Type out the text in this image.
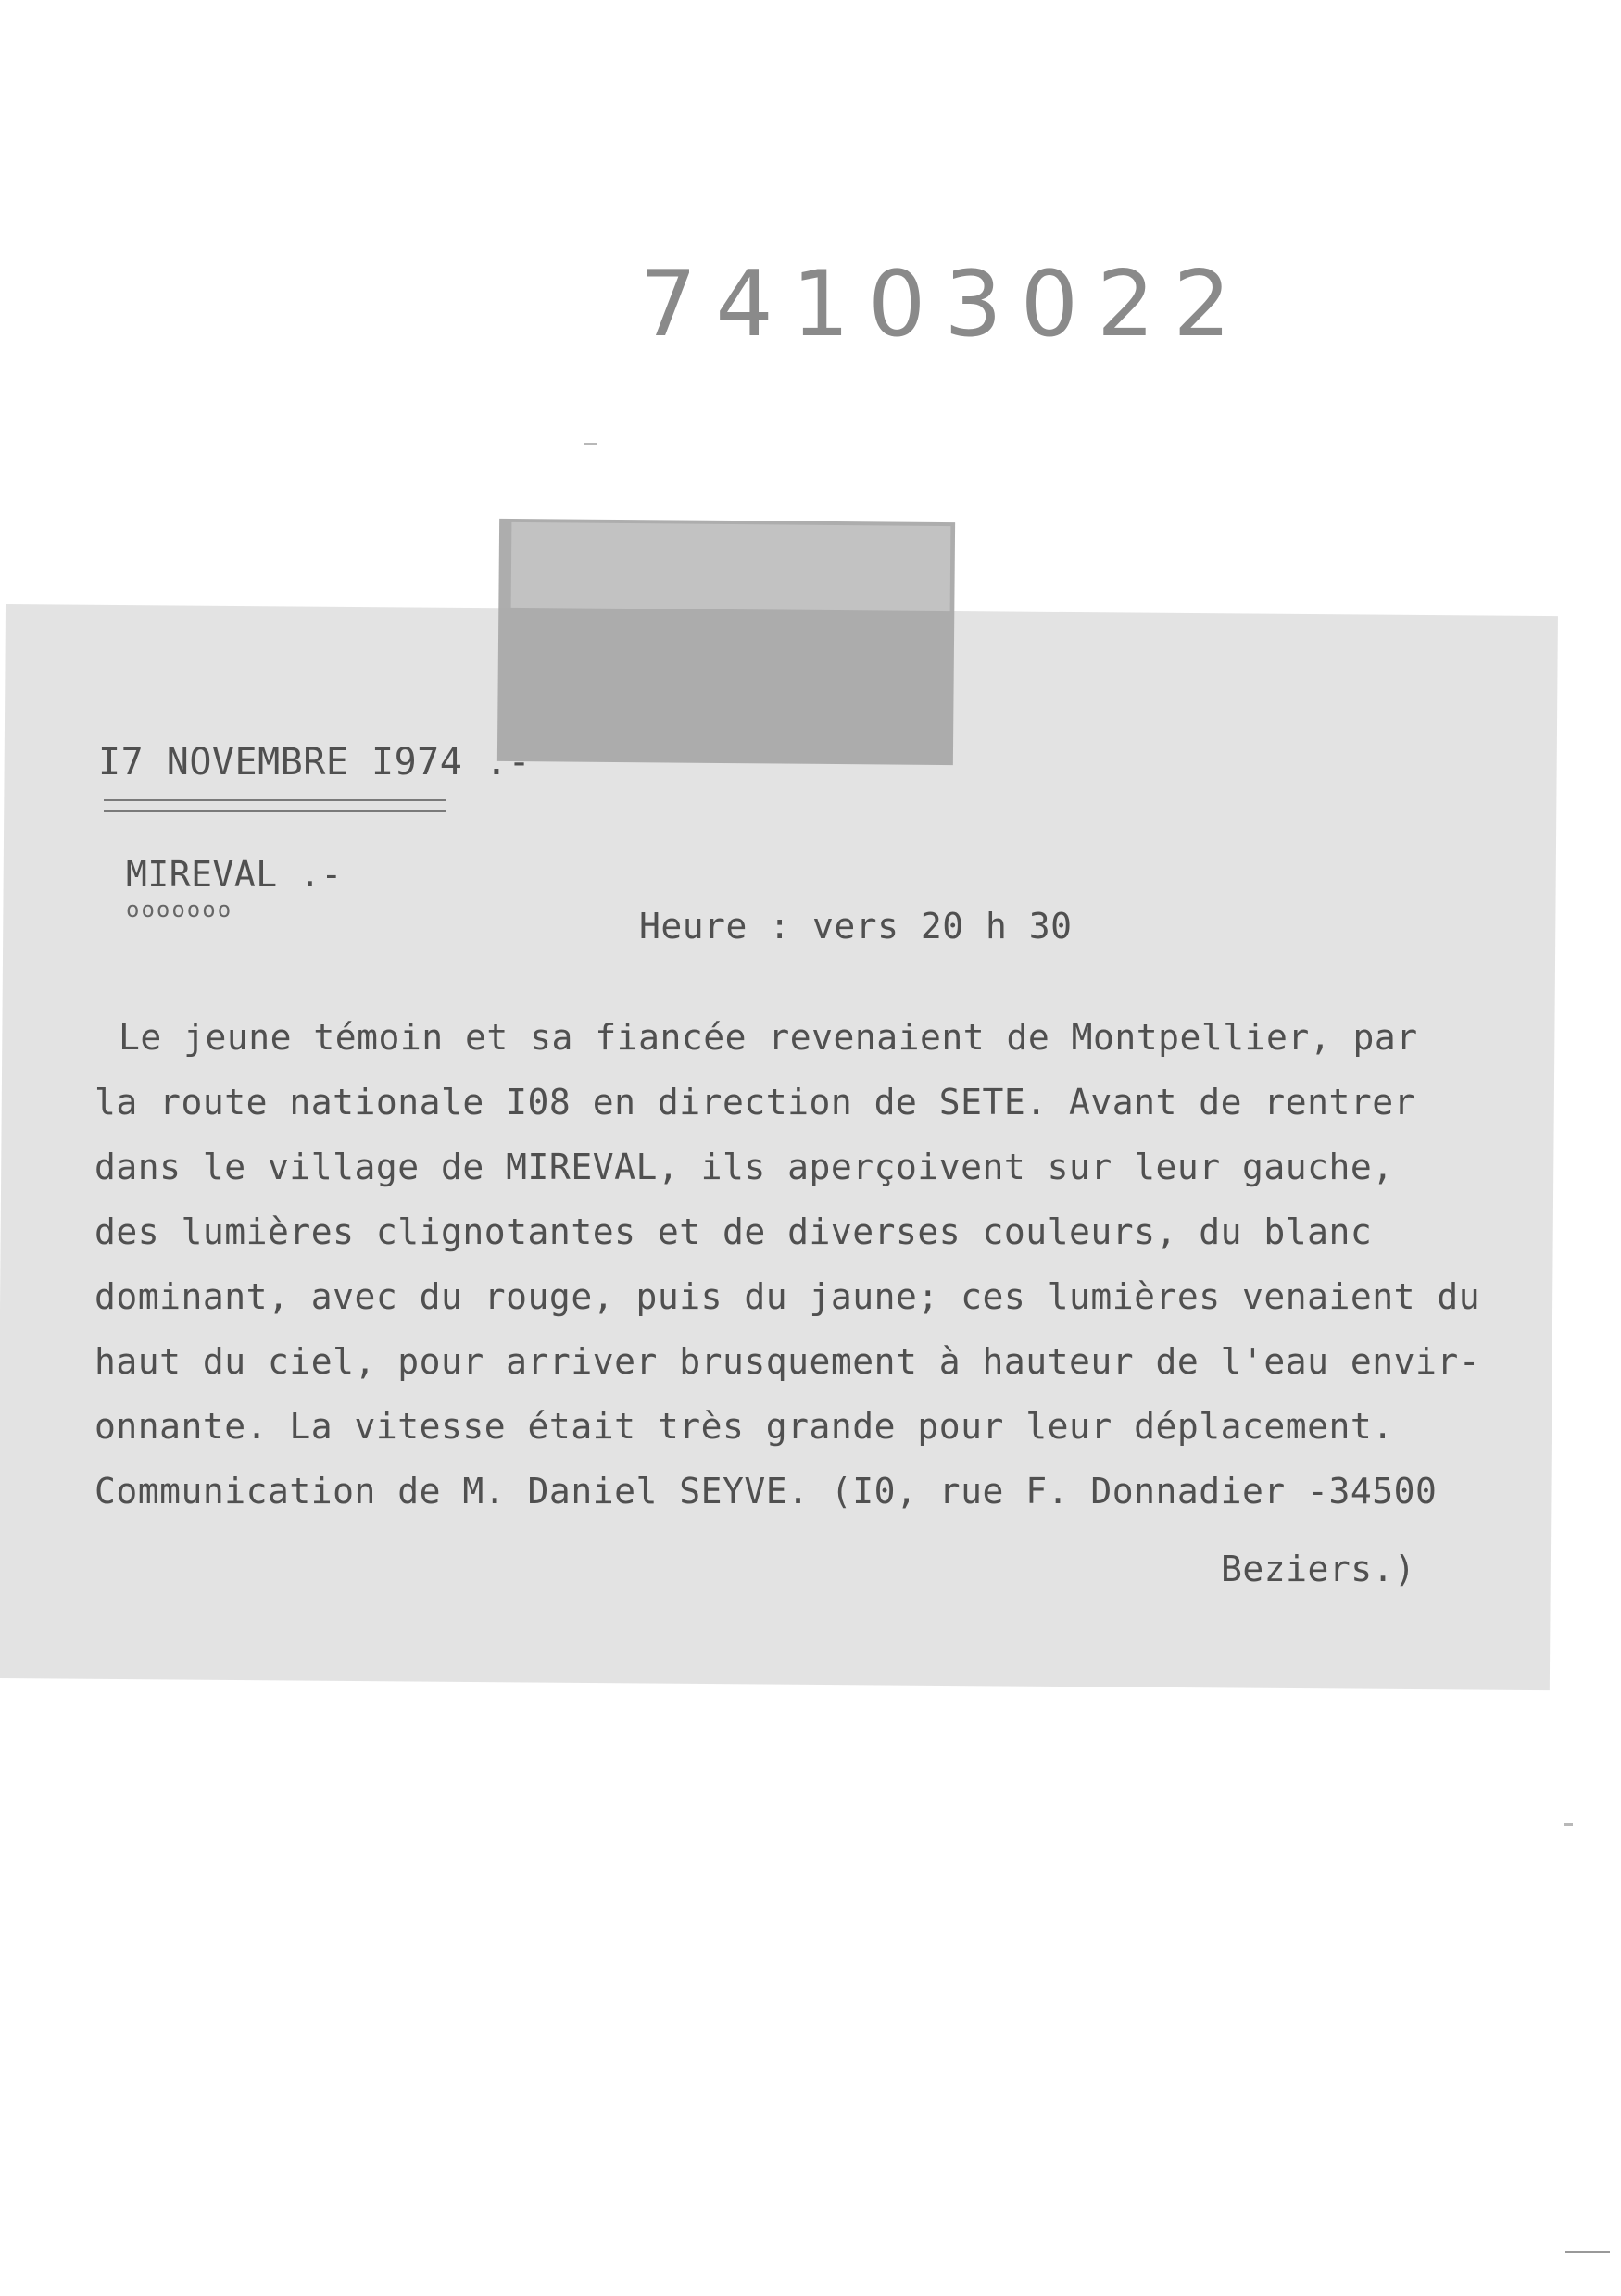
74103022
I7 NOVEMBRE I974 .-
MIREVAL .-
ooooooo	Heure : vers 20 h 30
Le jeune témoin et sa fiancée revenaient de Montpellier, par
la route nationale I08 en direction de SETE. Avant de rentrer
dans le village de MIREVAL, ils aperçoivent sur leur gauche,
des lumières clignotantes et de diverses couleurs, du blanc
dominant, avec du rouge, puis du jaune; ces lumières venaient du
haut du ciel, pour arriver brusquement à hauteur de l'eau envir-
onnante. La vitesse était très grande pour leur déplacement.
Communication de M. Daniel SEYVE. (I0, rue F. Donnadier -34500
Beziers.)
